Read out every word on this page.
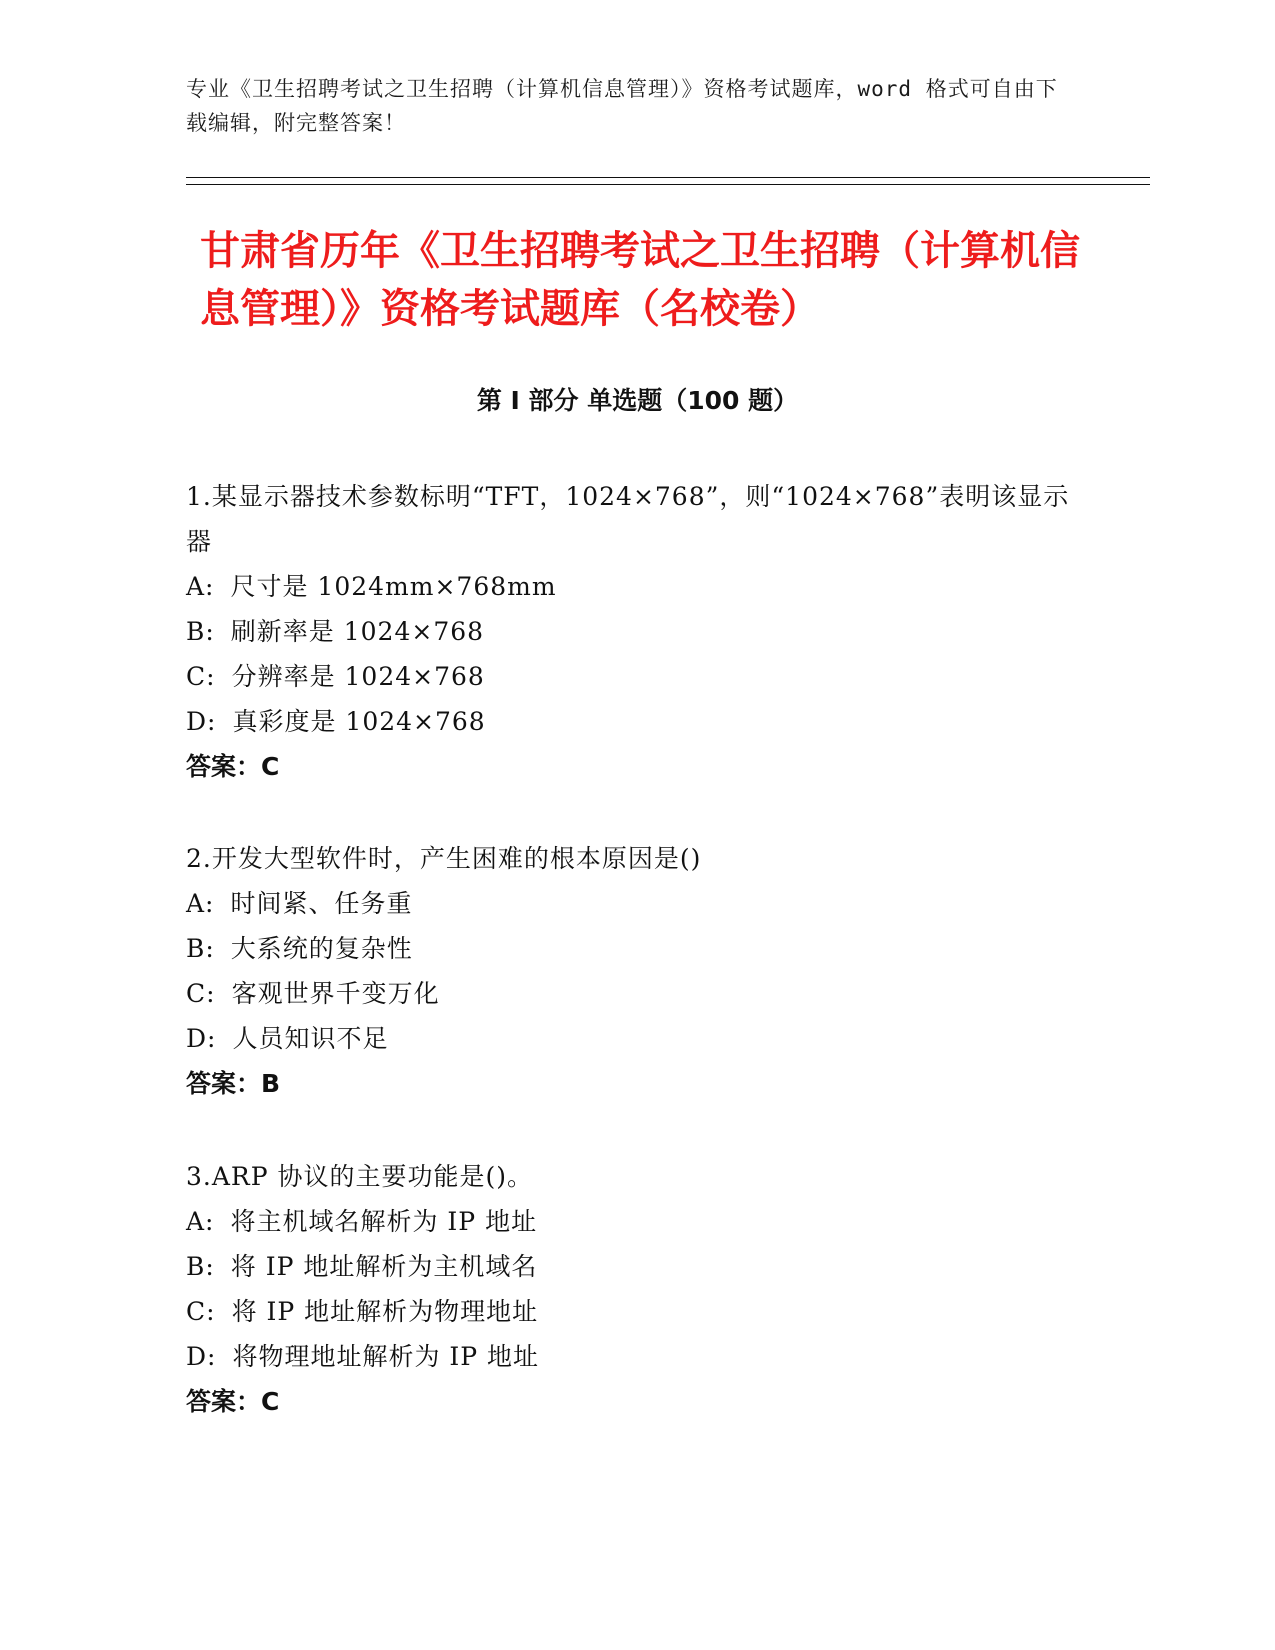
专业《卫生招聘考试之卫生招聘（计算机信息管理）》资格考试题库，word 格式可自由下载编辑，附完整答案！

甘肃省历年《卫生招聘考试之卫生招聘（计算机信息管理）》资格考试题库（名校卷）
第 I 部分 单选题（100 题）

1.某显示器技术参数标明“TFT，1024×768”，则“1024×768”表明该显示器

A: 尺寸是 1024mm×768mm

B: 刷新率是 1024×768

C: 分辨率是 1024×768

D: 真彩度是 1024×768

答案：C

2.开发大型软件时，产生困难的根本原因是()

A: 时间紧、任务重

B: 大系统的复杂性

C: 客观世界千变万化

D: 人员知识不足

答案：B

3.ARP 协议的主要功能是()。

A: 将主机域名解析为 IP 地址

B: 将 IP 地址解析为主机域名

C: 将 IP 地址解析为物理地址

D: 将物理地址解析为 IP 地址

答案：C
